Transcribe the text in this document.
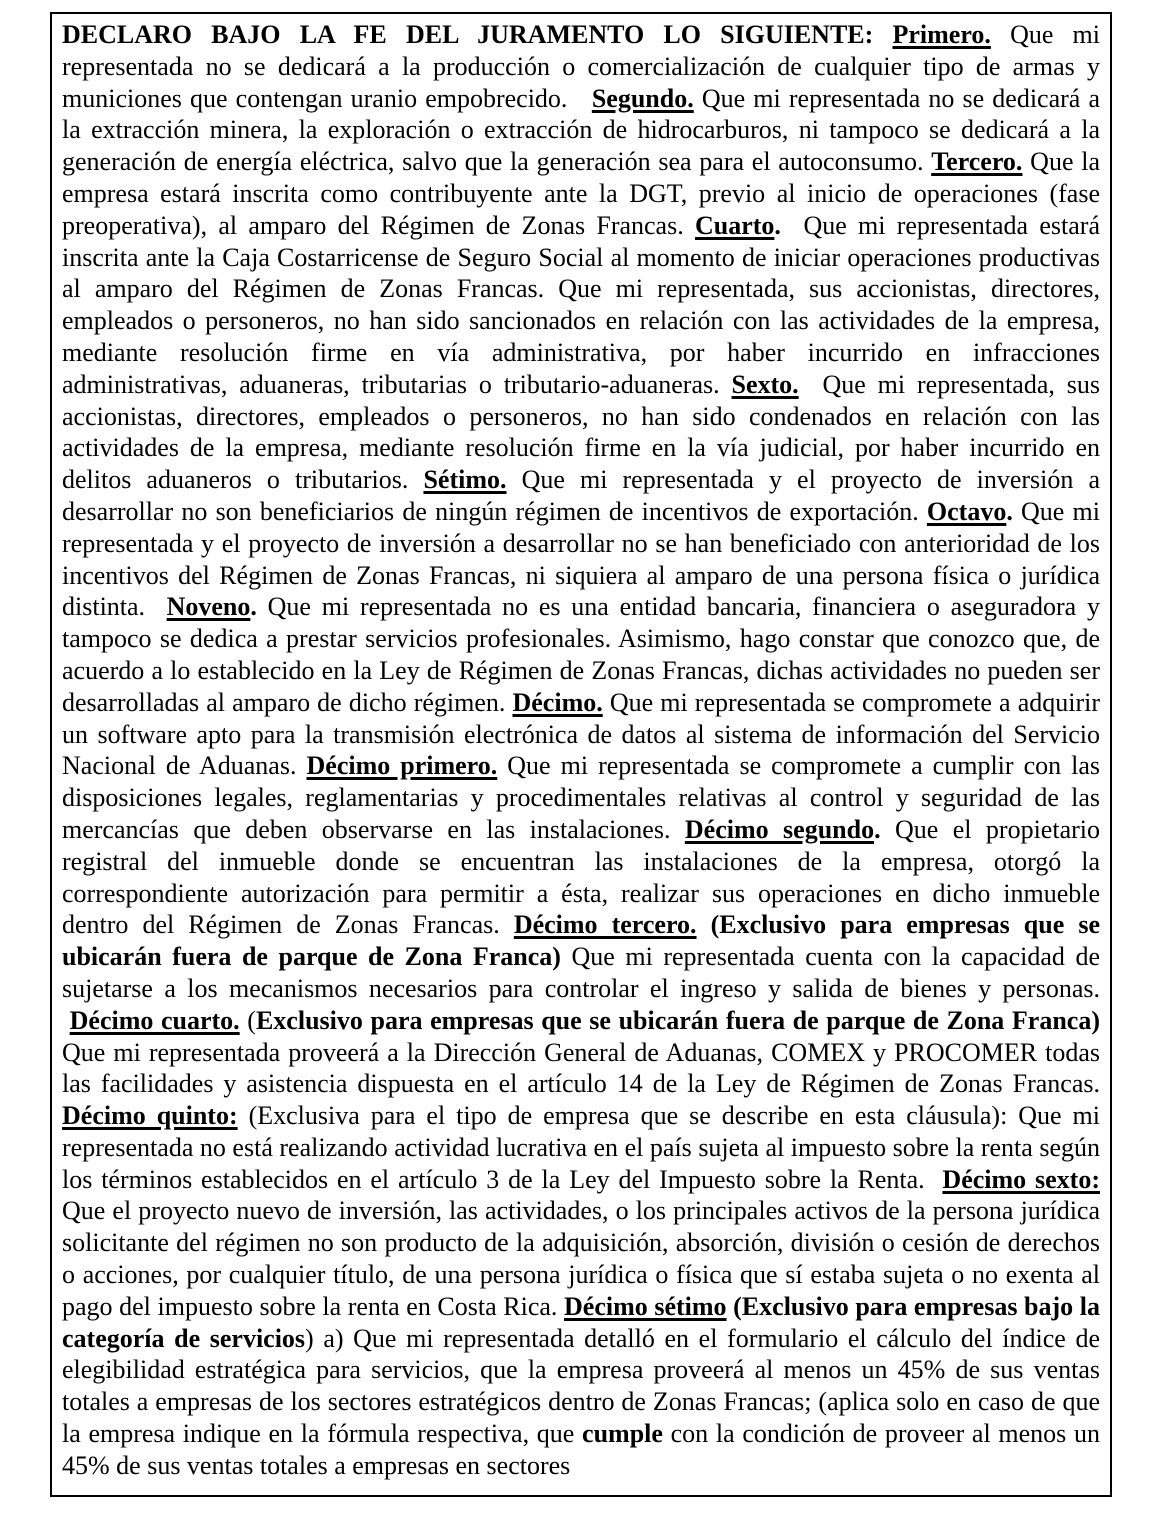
DECLARO BAJO LA FE DEL JURAMENTO LO SIGUIENTE: Primero. Que mi representada no se dedicará a la producción o comercialización de cualquier tipo de armas y municiones que contengan uranio empobrecido.   Segundo. Que mi representada no se dedicará a la extracción minera, la exploración o extracción de hidrocarburos, ni tampoco se dedicará a la generación de energía eléctrica, salvo que la generación sea para el autoconsumo. Tercero. Que la empresa estará inscrita como contribuyente ante la DGT, previo al inicio de operaciones (fase preoperativa), al amparo del Régimen de Zonas Francas. Cuarto.  Que mi representada estará inscrita ante la Caja Costarricense de Seguro Social al momento de iniciar operaciones productivas al amparo del Régimen de Zonas Francas. Que mi representada, sus accionistas, directores, empleados o personeros, no han sido sancionados en relación con las actividades de la empresa, mediante resolución firme en vía administrativa, por haber incurrido en infracciones administrativas, aduaneras, tributarias o tributario-aduaneras. Sexto.  Que mi representada, sus accionistas, directores, empleados o personeros, no han sido condenados en relación con las actividades de la empresa, mediante resolución firme en la vía judicial, por haber incurrido en delitos aduaneros o tributarios. Sétimo. Que mi representada y el proyecto de inversión a desarrollar no son beneficiarios de ningún régimen de incentivos de exportación. Octavo. Que mi representada y el proyecto de inversión a desarrollar no se han beneficiado con anterioridad de los incentivos del Régimen de Zonas Francas, ni siquiera al amparo de una persona física o jurídica distinta.  Noveno. Que mi representada no es una entidad bancaria, financiera o aseguradora y tampoco se dedica a prestar servicios profesionales. Asimismo, hago constar que conozco que, de acuerdo a lo establecido en la Ley de Régimen de Zonas Francas, dichas actividades no pueden ser desarrolladas al amparo de dicho régimen. Décimo. Que mi representada se compromete a adquirir un software apto para la transmisión electrónica de datos al sistema de información del Servicio Nacional de Aduanas. Décimo primero. Que mi representada se compromete a cumplir con las disposiciones legales, reglamentarias y procedimentales relativas al control y seguridad de las mercancías que deben observarse en las instalaciones. Décimo segundo. Que el propietario registral del inmueble donde se encuentran las instalaciones de la empresa, otorgó la correspondiente autorización para permitir a ésta, realizar sus operaciones en dicho inmueble dentro del Régimen de Zonas Francas. Décimo tercero. (Exclusivo para empresas que se ubicarán fuera de parque de Zona Franca) Que mi representada cuenta con la capacidad de sujetarse a los mecanismos necesarios para controlar el ingreso y salida de bienes y personas.  Décimo cuarto. (Exclusivo para empresas que se ubicarán fuera de parque de Zona Franca) Que mi representada proveerá a la Dirección General de Aduanas, COMEX y PROCOMER todas las facilidades y asistencia dispuesta en el artículo 14 de la Ley de Régimen de Zonas Francas. Décimo quinto: (Exclusiva para el tipo de empresa que se describe en esta cláusula): Que mi representada no está realizando actividad lucrativa en el país sujeta al impuesto sobre la renta según los términos establecidos en el artículo 3 de la Ley del Impuesto sobre la Renta.  Décimo sexto: Que el proyecto nuevo de inversión, las actividades, o los principales activos de la persona jurídica solicitante del régimen no son producto de la adquisición, absorción, división o cesión de derechos o acciones, por cualquier título, de una persona jurídica o física que sí estaba sujeta o no exenta al pago del impuesto sobre la renta en Costa Rica. Décimo sétimo (Exclusivo para empresas bajo la categoría de servicios) a) Que mi representada detalló en el formulario el cálculo del índice de elegibilidad estratégica para servicios, que la empresa proveerá al menos un 45% de sus ventas totales a empresas de los sectores estratégicos dentro de Zonas Francas; (aplica solo en caso de que la empresa indique en la fórmula respectiva, que cumple con la condición de proveer al menos un 45% de sus ventas totales a empresas en sectores
